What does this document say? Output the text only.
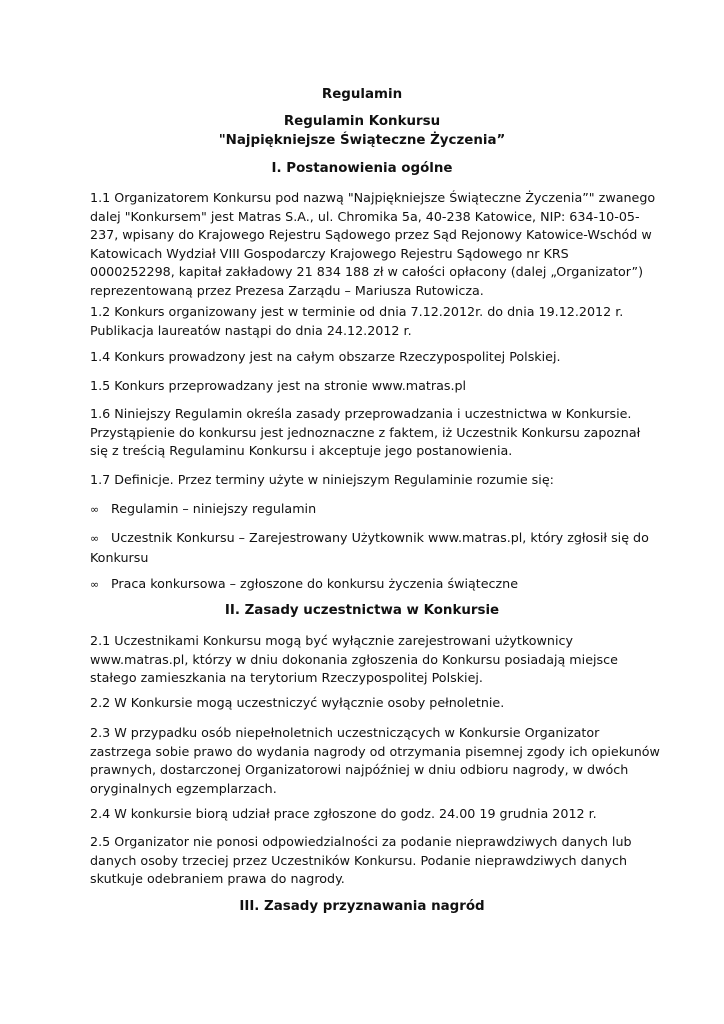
Regulamin
Regulamin Konkursu
"Najpiękniejsze Świąteczne Życzenia”
I. Postanowienia ogólne
1.1 Organizatorem Konkursu pod nazwą "Najpiękniejsze Świąteczne Życzenia”" zwanego
dalej "Konkursem" jest Matras S.A., ul. Chromika 5a, 40-238 Katowice, NIP: 634-10-05-
237, wpisany do Krajowego Rejestru Sądowego przez Sąd Rejonowy Katowice-Wschód w
Katowicach Wydział VIII Gospodarczy Krajowego Rejestru Sądowego nr KRS
0000252298, kapitał zakładowy 21 834 188 zł w całości opłacony (dalej „Organizator”)
reprezentowaną przez Prezesa Zarządu – Mariusza Rutowicza.
1.2 Konkurs organizowany jest w terminie od dnia 7.12.2012r. do dnia 19.12.2012 r.
Publikacja laureatów nastąpi do dnia 24.12.2012 r.
1.4 Konkurs prowadzony jest na całym obszarze Rzeczypospolitej Polskiej.
1.5 Konkurs przeprowadzany jest na stronie www.matras.pl
1.6 Niniejszy Regulamin określa zasady przeprowadzania i uczestnictwa w Konkursie.
Przystąpienie do konkursu jest jednoznaczne z faktem, iż Uczestnik Konkursu zapoznał
się z treścią Regulaminu Konkursu i akceptuje jego postanowienia.
1.7 Definicje. Przez terminy użyte w niniejszym Regulaminie rozumie się:
∞ Regulamin – niniejszy regulamin
∞ Uczestnik Konkursu – Zarejestrowany Użytkownik www.matras.pl, który zgłosił się do
Konkursu
∞ Praca konkursowa – zgłoszone do konkursu życzenia świąteczne
II. Zasady uczestnictwa w Konkursie
2.1 Uczestnikami Konkursu mogą być wyłącznie zarejestrowani użytkownicy
www.matras.pl, którzy w dniu dokonania zgłoszenia do Konkursu posiadają miejsce
stałego zamieszkania na terytorium Rzeczypospolitej Polskiej.
2.2 W Konkursie mogą uczestniczyć wyłącznie osoby pełnoletnie.
2.3 W przypadku osób niepełnoletnich uczestniczących w Konkursie Organizator
zastrzega sobie prawo do wydania nagrody od otrzymania pisemnej zgody ich opiekunów
prawnych, dostarczonej Organizatorowi najpóźniej w dniu odbioru nagrody, w dwóch
oryginalnych egzemplarzach.
2.4 W konkursie biorą udział prace zgłoszone do godz. 24.00 19 grudnia 2012 r.
2.5 Organizator nie ponosi odpowiedzialności za podanie nieprawdziwych danych lub
danych osoby trzeciej przez Uczestników Konkursu. Podanie nieprawdziwych danych
skutkuje odebraniem prawa do nagrody.
III. Zasady przyznawania nagród
